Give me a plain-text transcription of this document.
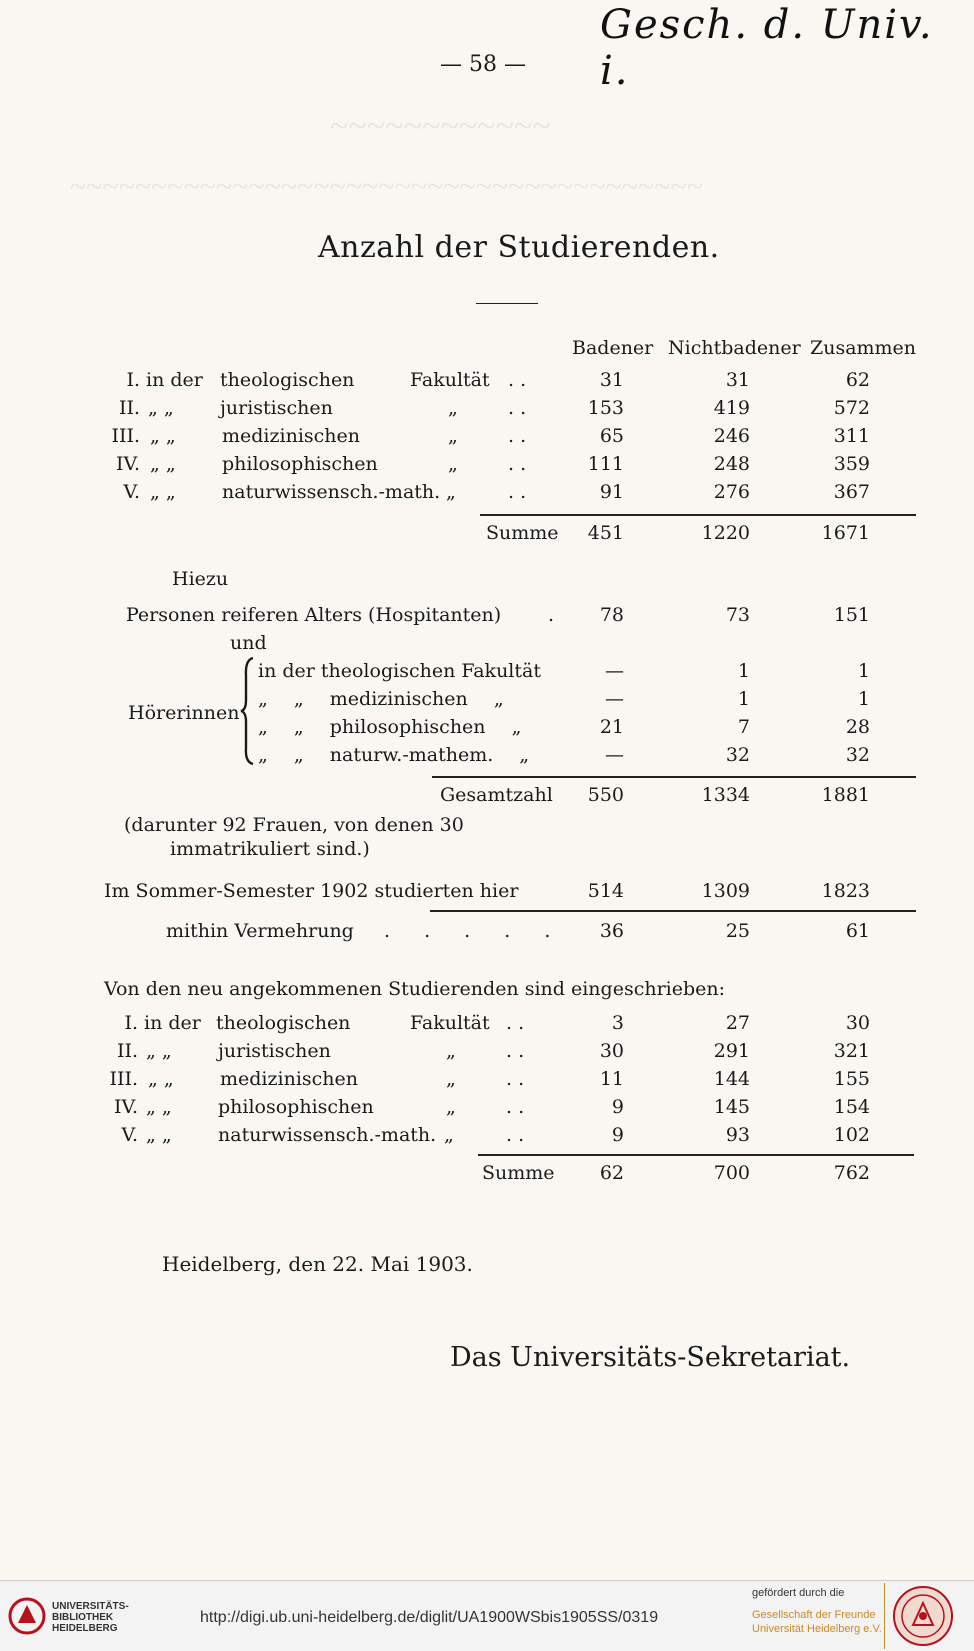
~~~~~~~~~~~~
~~~~~~~~~~~~~~~~~~~~~~~~~~~~~~~~~~~~~~~
Gesch. d. Univ. i.
— 58 —
Anzahl der Studierenden.
Badener Nichtbadener Zusammen
I. in der theologischen	Fakultät . .	31	31	62
II. „ „ juristischen	„	. .	153	419	572
III. „ „ medizinischen	„	. .	65	246	311
IV. „ „ philosophischen	„	. .	111	248	359
V. „ „ naturwissensch.-math. „	. .	91	276	367
Summe	451	1220	1671
Hiezu
Personen reiferen Alters (Hospitanten) .	78	73	151
und
Hörerinnen
in der theologischen Fakultät	—	1	1
„ „ medizinischen „	—	1	1
„ „ philosophischen „	21	7	28
„ „ naturw.-mathem. „	—	32	32
Gesamtzahl	550	1334	1881
(darunter 92 Frauen, von denen 30
immatrikuliert sind.)
Im Sommer-Semester 1902 studierten hier	514	1309	1823
mithin Vermehrung . . . . .	36	25	61
Von den neu angekommenen Studierenden sind eingeschrieben:
I. in der theologischen	Fakultät . .	3	27	30
II. „ „ juristischen	„	. .	30	291	321
III. „ „ medizinischen	„	. .	11	144	155
IV. „ „ philosophischen	„	. .	9	145	154
V. „ „ naturwissensch.-math. „	. .	9	93	102
Summe	62	700	762
Heidelberg, den 22. Mai 1903.
Das Universitäts-Sekretariat.
UNIVERSITÄTS-
BIBLIOTHEK
HEIDELBERG
http://digi.ub.uni-heidelberg.de/diglit/UA1900WSbis1905SS/0319
gefördert durch die
Gesellschaft der Freunde
Universität Heidelberg e.V.
